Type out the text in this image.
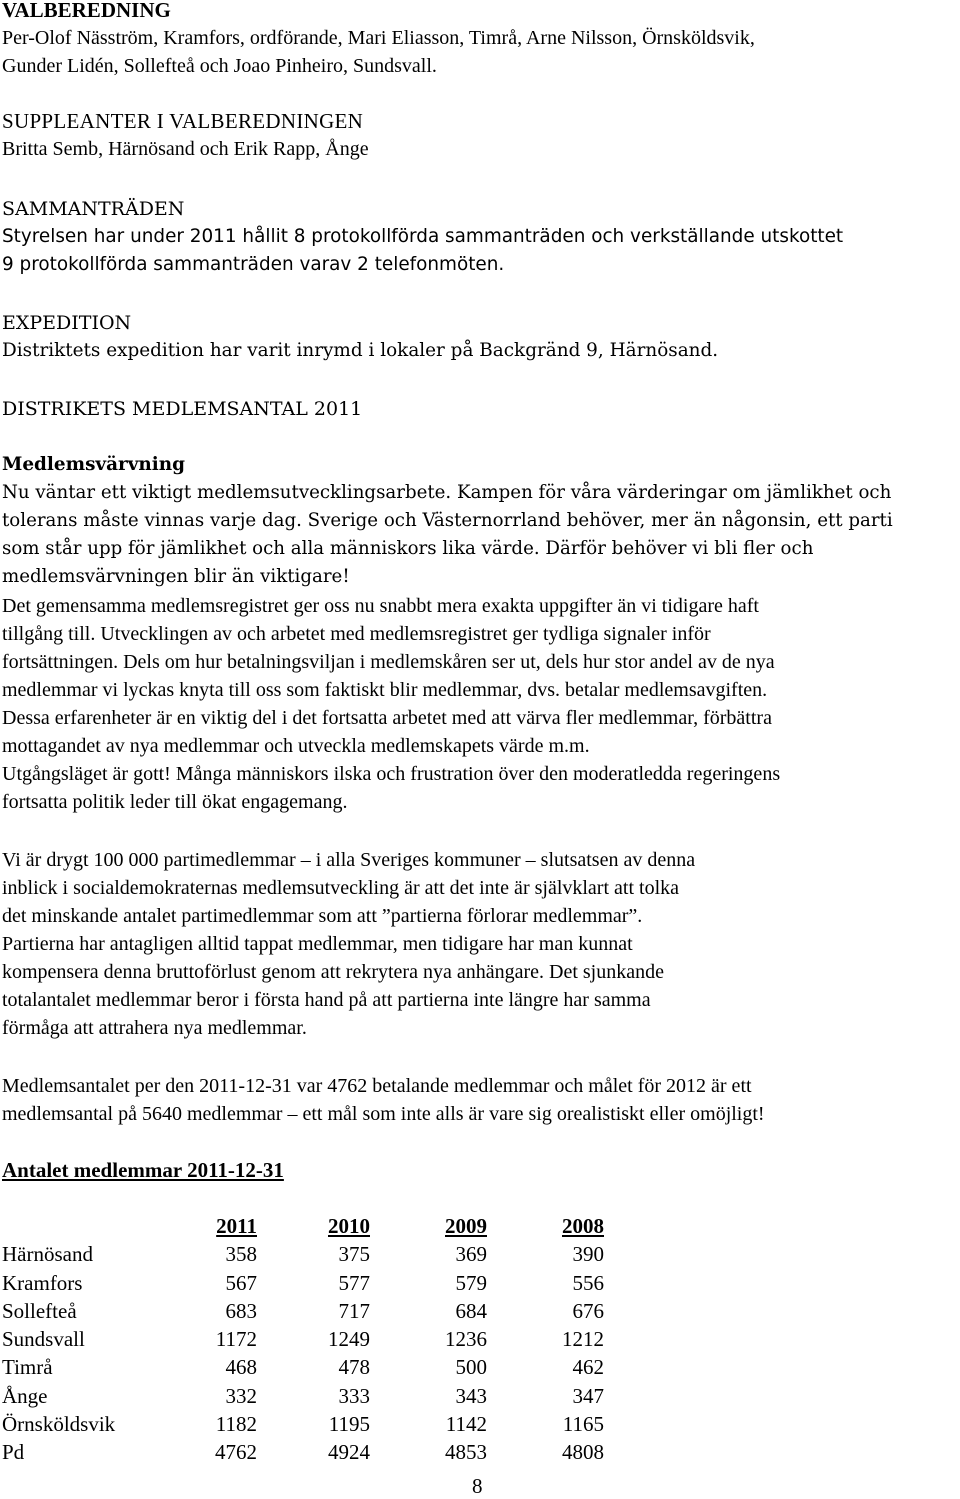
VALBEREDNING
Per-Olof Näsström, Kramfors, ordförande, Mari Eliasson, Timrå, Arne Nilsson, Örnsköldsvik,
Gunder Lidén, Sollefteå och Joao Pinheiro, Sundsvall.
SUPPLEANTER I VALBEREDNINGEN
Britta Semb, Härnösand och Erik Rapp, Ånge
SAMMANTRÄDEN
Styrelsen har under 2011 hållit 8 protokollförda sammanträden och verkställande utskottet
9 protokollförda sammanträden varav 2 telefonmöten.
EXPEDITION
Distriktets expedition har varit inrymd i lokaler på Backgränd 9, Härnösand.
DISTRIKETS MEDLEMSANTAL 2011
Medlemsvärvning
Nu väntar ett viktigt medlemsutvecklingsarbete. Kampen för våra värderingar om jämlikhet och
tolerans måste vinnas varje dag. Sverige och Västernorrland behöver, mer än någonsin, ett parti
som står upp för jämlikhet och alla människors lika värde. Därför behöver vi bli fler och
medlemsvärvningen blir än viktigare!
Det gemensamma medlemsregistret ger oss nu snabbt mera exakta uppgifter än vi tidigare haft
tillgång till. Utvecklingen av och arbetet med medlemsregistret ger tydliga signaler inför
fortsättningen. Dels om hur betalningsviljan i medlemskåren ser ut, dels hur stor andel av de nya
medlemmar vi lyckas knyta till oss som faktiskt blir medlemmar, dvs. betalar medlemsavgiften.
Dessa erfarenheter är en viktig del i det fortsatta arbetet med att värva fler medlemmar, förbättra
mottagandet av nya medlemmar och utveckla medlemskapets värde m.m.
Utgångsläget är gott! Många människors ilska och frustration över den moderatledda regeringens
fortsatta politik leder till ökat engagemang.
Vi är drygt 100 000 partimedlemmar – i alla Sveriges kommuner – slutsatsen av denna
inblick i socialdemokraternas medlemsutveckling är att det inte är självklart att tolka
det minskande antalet partimedlemmar som att ”partierna förlorar medlemmar”.
Partierna har antagligen alltid tappat medlemmar, men tidigare har man kunnat
kompensera denna bruttoförlust genom att rekrytera nya anhängare. Det sjunkande
totalantalet medlemmar beror i första hand på att partierna inte längre har samma
förmåga att attrahera nya medlemmar.
Medlemsantalet per den 2011-12-31 var 4762 betalande medlemmar och målet för 2012 är ett
medlemsantal på 5640 medlemmar – ett mål som inte alls är vare sig orealistiskt eller omöjligt!
Antalet medlemmar 2011-12-31
	2011	2010	2009	2008
Härnösand	358	375	369	390
Kramfors	567	577	579	556
Sollefteå	683	717	684	676
Sundsvall	1172	1249	1236	1212
Timrå	468	478	500	462
Ånge	332	333	343	347
Örnsköldsvik	1182	1195	1142	1165
Pd	4762	4924	4853	4808
8
